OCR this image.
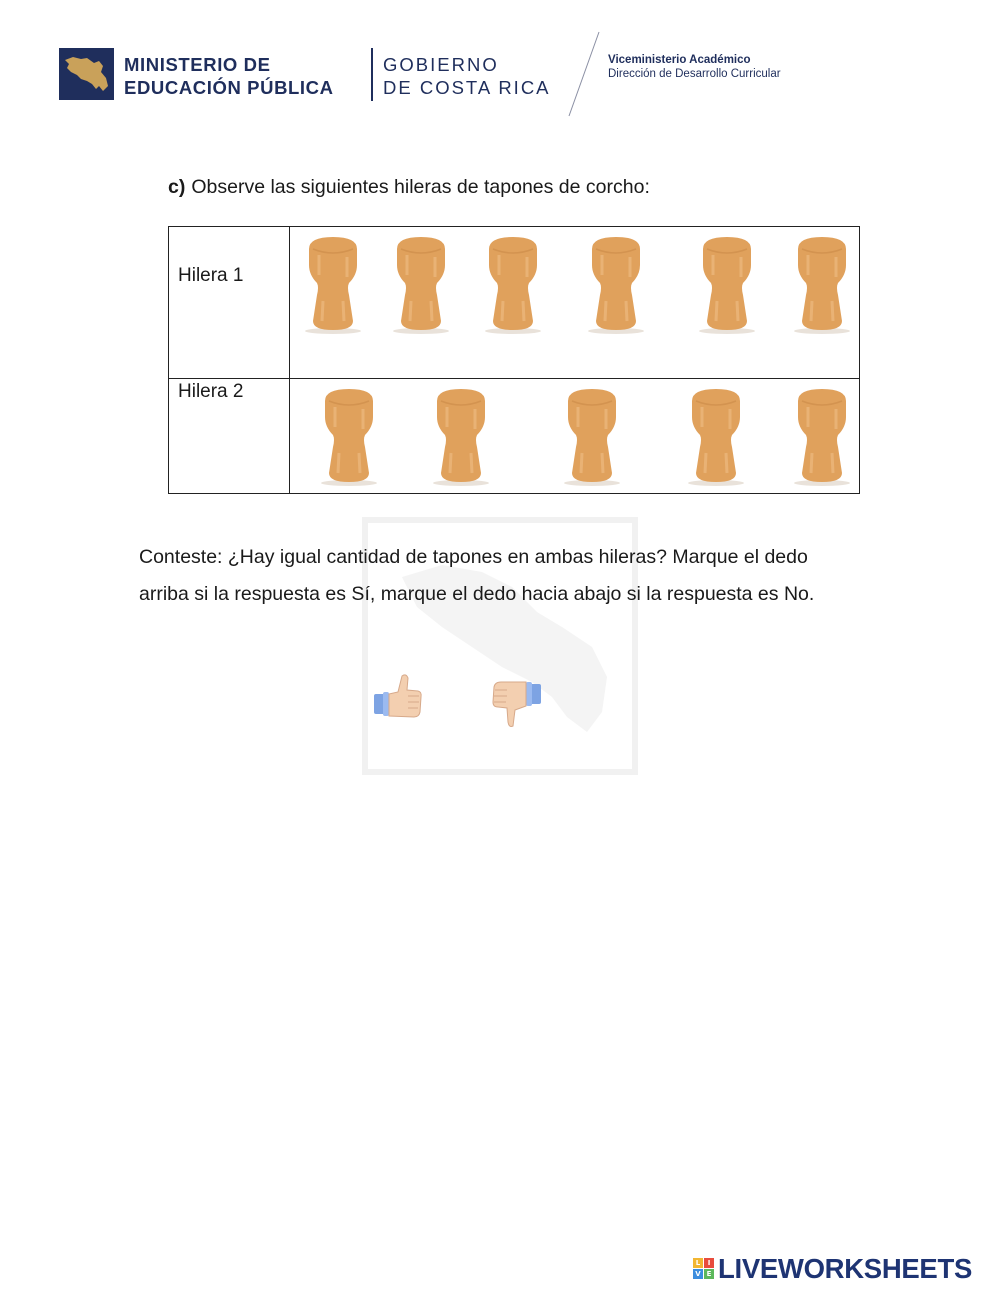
MINISTERIO DE
EDUCACIÓN PÚBLICA
GOBIERNO
DE COSTA RICA
Viceministerio Académico
Dirección de Desarrollo Curricular
c) Observe las siguientes hileras de tapones de corcho:
Hilera 1
Hilera 2
Conteste: ¿Hay igual cantidad de tapones en ambas hileras? Marque el dedo arriba si la respuesta es Sí, marque el dedo hacia abajo si la respuesta es No.
L	I
V E LIVEWORKSHEETS
